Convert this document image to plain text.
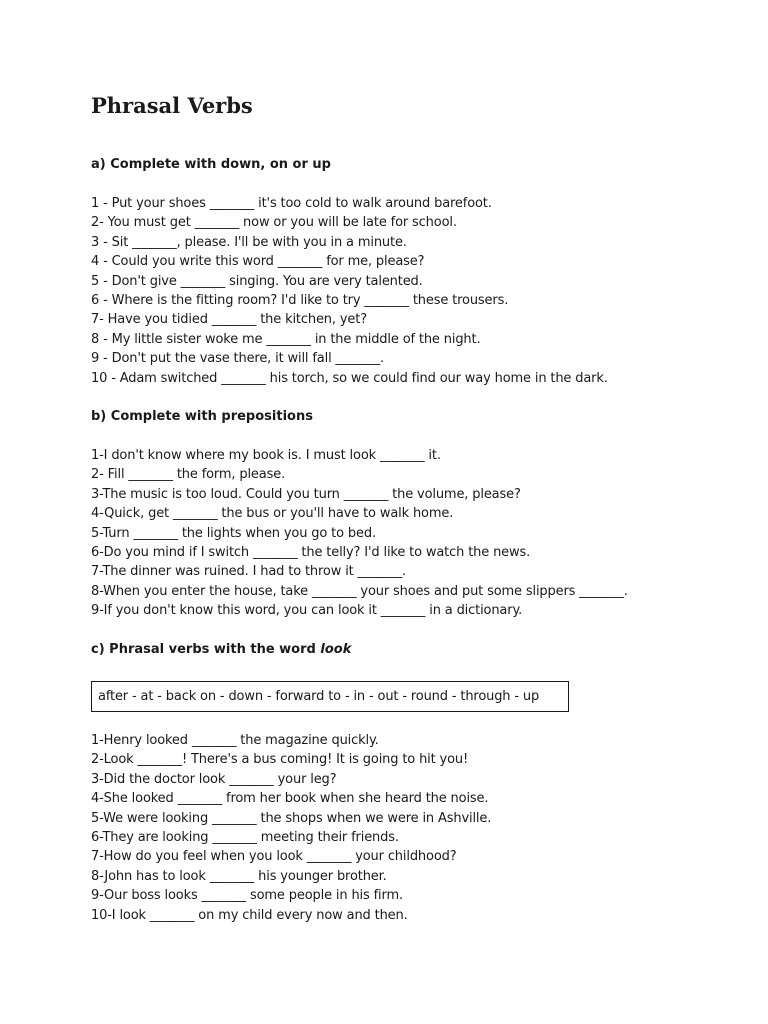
Phrasal Verbs
a) Complete with down, on or up
1 - Put your shoes _______ it's too cold to walk around barefoot.
2- You must get _______ now or you will be late for school.
3 - Sit _______, please. I'll be with you in a minute.
4 - Could you write this word _______ for me, please?
5 - Don't give _______ singing. You are very talented.
6 - Where is the fitting room? I'd like to try _______ these trousers.
7- Have you tidied _______ the kitchen, yet?
8 - My little sister woke me _______ in the middle of the night.
9 - Don't put the vase there, it will fall _______.
10 - Adam switched _______ his torch, so we could find our way home in the dark.
b) Complete with prepositions
1-I don't know where my book is. I must look _______ it.
2- Fill _______ the form, please.
3-The music is too loud. Could you turn _______ the volume, please?
4-Quick, get _______ the bus or you'll have to walk home.
5-Turn _______ the lights when you go to bed.
6-Do you mind if I switch _______ the telly? I'd like to watch the news.
7-The dinner was ruined. I had to throw it _______.
8-When you enter the house, take _______ your shoes and put some slippers _______.
9-If you don't know this word, you can look it _______ in a dictionary.
c) Phrasal verbs with the word look
after - at - back on - down - forward to - in - out - round - through - up
1-Henry looked _______ the magazine quickly.
2-Look _______! There's a bus coming! It is going to hit you!
3-Did the doctor look _______ your leg?
4-She looked _______ from her book when she heard the noise.
5-We were looking _______ the shops when we were in Ashville.
6-They are looking _______ meeting their friends.
7-How do you feel when you look _______ your childhood?
8-John has to look _______ his younger brother.
9-Our boss looks _______ some people in his firm.
10-I look _______ on my child every now and then.
